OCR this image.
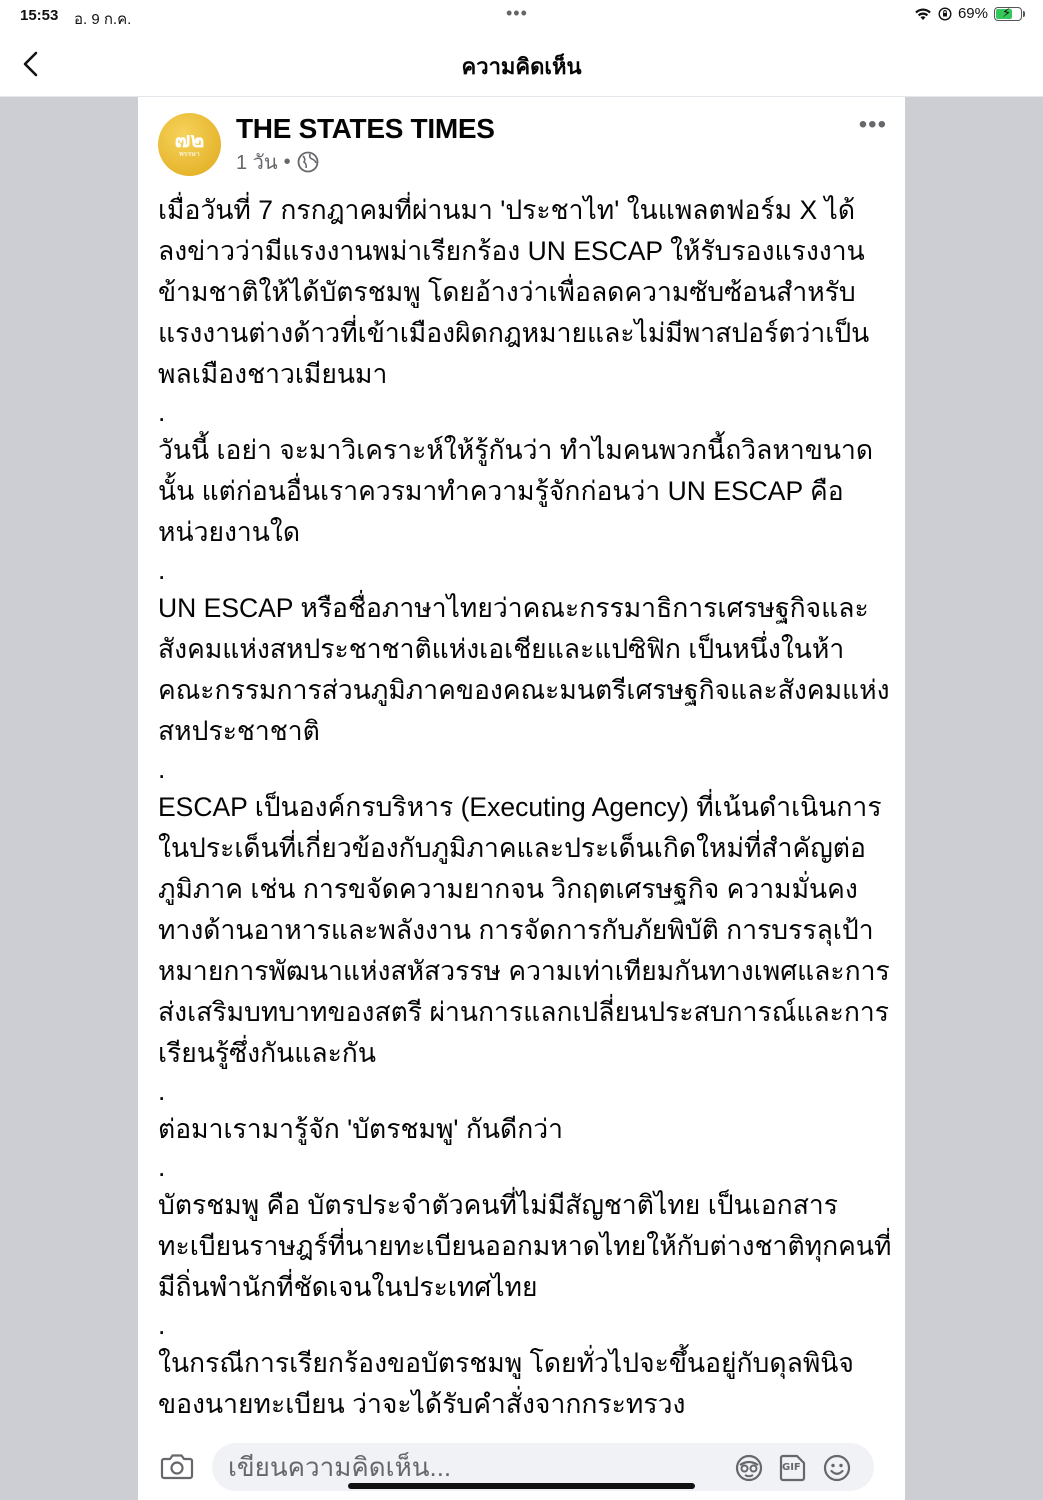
15:53 อ. 9 ก.ค.	•••	69% ⚡
ความคิดเห็น
๗๒
พรรษา
THE STATES TIMES
1 วัน •
•••

เมื่อวันที่ 7 กรกฎาคมที่ผ่านมา 'ประชาไท' ในแพลตฟอร์ม X ได้ลงข่าวว่ามีแรงงานพม่าเรียกร้อง UN ESCAP ให้รับรองแรงงานข้ามชาติให้ได้บัตรชมพู โดยอ้างว่าเพื่อลดความซับซ้อนสำหรับแรงงานต่างด้าวที่เข้าเมืองผิดกฎหมายและไม่มีพาสปอร์ตว่าเป็นพลเมืองชาวเมียนมา

.

วันนี้ เอย่า จะมาวิเคราะห์ให้รู้กันว่า ทำไมคนพวกนี้ถวิลหาขนาดนั้น แต่ก่อนอื่นเราควรมาทำความรู้จักก่อนว่า UN ESCAP คือหน่วยงานใด

.

UN ESCAP หรือชื่อภาษาไทยว่าคณะกรรมาธิการเศรษฐกิจและสังคมแห่งสหประชาชาติแห่งเอเชียและแปซิฟิก เป็นหนึ่งในห้าคณะกรรมการส่วนภูมิภาคของคณะมนตรีเศรษฐกิจและสังคมแห่งสหประชาชาติ

.

ESCAP เป็นองค์กรบริหาร (Executing Agency) ที่เน้นดำเนินการในประเด็นที่เกี่ยวข้องกับภูมิภาคและประเด็นเกิดใหม่ที่สำคัญต่อภูมิภาค เช่น การขจัดความยากจน วิกฤตเศรษฐกิจ ความมั่นคงทางด้านอาหารและพลังงาน การจัดการกับภัยพิบัติ การบรรลุเป้าหมายการพัฒนาแห่งสหัสวรรษ ความเท่าเทียมกันทางเพศและการส่งเสริมบทบาทของสตรี ผ่านการแลกเปลี่ยนประสบการณ์และการเรียนรู้ซึ่งกันและกัน

.

ต่อมาเรามารู้จัก 'บัตรชมพู' กันดีกว่า

.

บัตรชมพู คือ บัตรประจำตัวคนที่ไม่มีสัญชาติไทย เป็นเอกสารทะเบียนราษฎร์ที่นายทะเบียนออกมหาดไทยให้กับต่างชาติทุกคนที่มีถิ่นพำนักที่ชัดเจนในประเทศไทย

.

ในกรณีการเรียกร้องขอบัตรชมพู โดยทั่วไปจะขึ้นอยู่กับดุลพินิจของนายทะเบียน ว่าจะได้รับคำสั่งจากกระทรวง

เขียนความคิดเห็น...
GIF
